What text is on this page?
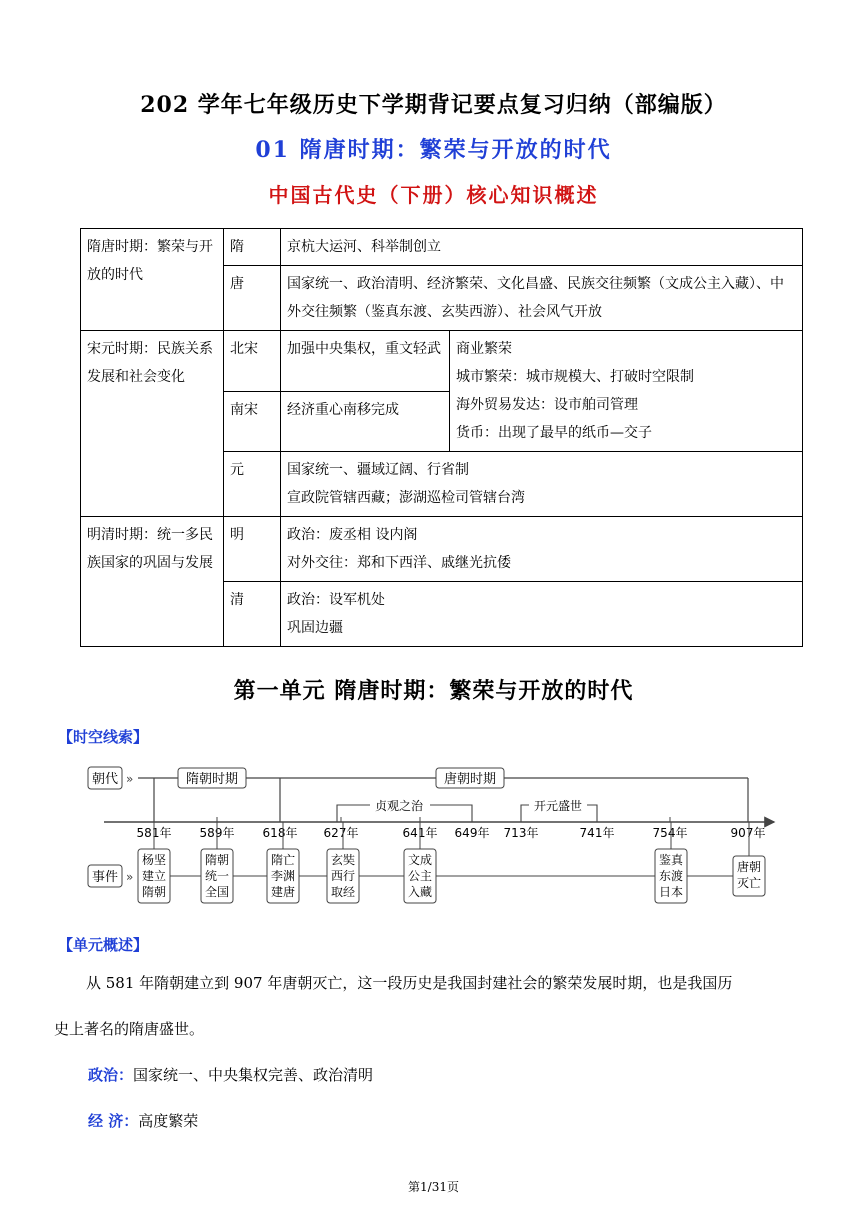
202 学年七年级历史下学期背记要点复习归纳（部编版）
01 隋唐时期：繁荣与开放的时代
中国古代史（下册）核心知识概述
隋唐时期：繁荣与开放的时代	隋	京杭大运河、科举制创立	
	唐	国家统一、政治清明、经济繁荣、文化昌盛、民族交往频繁（文成公主入藏）、中外交往频繁（鉴真东渡、玄奘西游）、社会风气开放	
宋元时期：民族关系发展和社会变化	北宋	加强中央集权，重文轻武	商业繁荣
城市繁荣：城市规模大、打破时空限制
海外贸易发达：设市舶司管理
货币：出现了最早的纸币—交子

	南宋	经济重心南移完成	
	元	国家统一、疆域辽阔、行省制
宣政院管辖西藏；澎湖巡检司管辖台湾	

明清时期：统一多民族国家的巩固与发展	明	政治：废丞相 设内阁
对外交往：郑和下西洋、戚继光抗倭	

	清	政治：设军机处
巩固边疆	
第一单元 隋唐时期：繁荣与开放的时代
【时空线索】
朝代 »	隋朝时期	唐朝时期
贞观之治	开元盛世
581年 589年 618年 627年	641年 649年 713年	741年	754年	907年
事件 »
杨坚
建立
隋朝
隋朝
统一
全国
隋亡
李渊
建唐
玄奘
西行
取经
文成
公主
入藏
鉴真
东渡
日本
唐朝
灭亡
【单元概述】
从 581 年隋朝建立到 907 年唐朝灭亡，这一段历史是我国封建社会的繁荣发展时期，也是我国历
史上著名的隋唐盛世。
政治：国家统一、中央集权完善、政治清明
经 济：高度繁荣
第1/31页
